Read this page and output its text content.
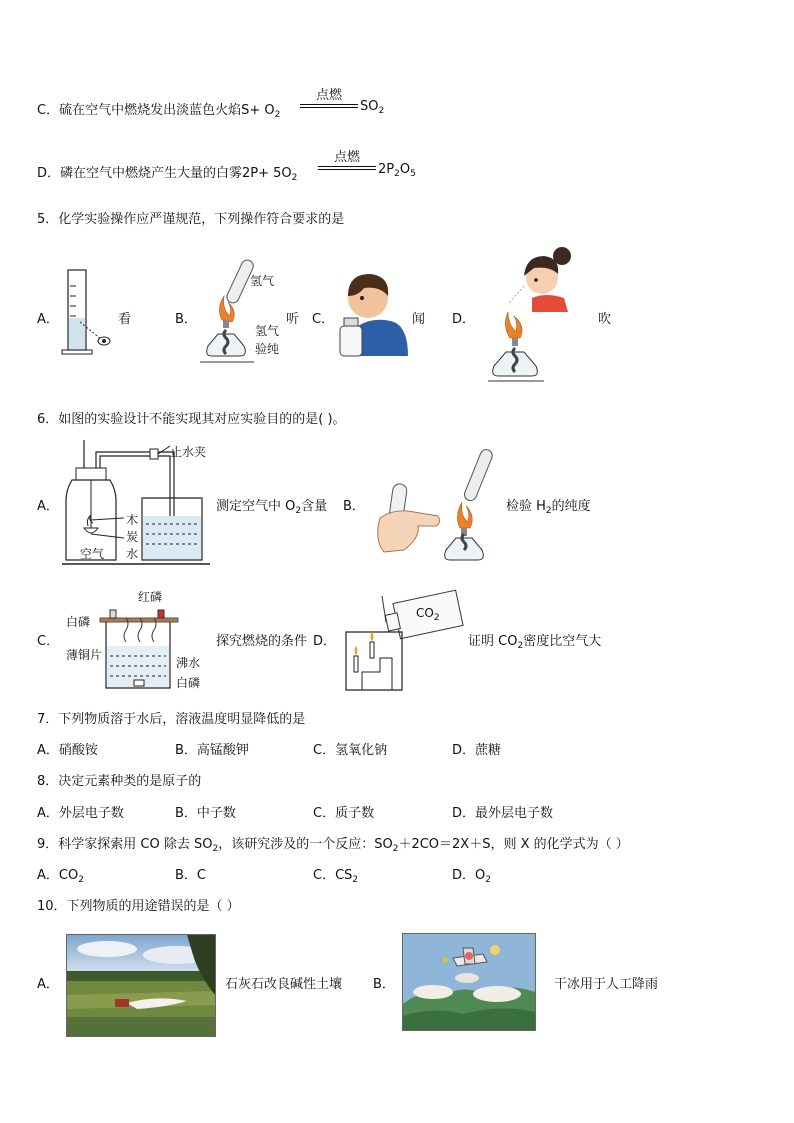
C．硫在空气中燃烧发出淡蓝色火焰$S+ O_2$
点燃
$SO_2$
D．磷在空气中燃烧产生大量的白雾$2P+ 5O_2$
点燃
$2P_2O_5$
5．化学实验操作应严谨规范，下列操作符合要求的是
A．	看	B．
氢气
氢气
验纯
听 C．	闻 D．	吹
6．如图的实验设计不能实现其对应实验目的的是( )。
A．
止水夹
木
炭
水
空气
测定空气中 $O_2$含量 B．	检验 $H_2$的纯度
C．
红磷
白磷
薄铜片
沸水
白磷
探究燃烧的条件 D．
$CO_2$
证明 $CO_2$密度比空气大
7．下列物质溶于水后，溶液温度明显降低的是
A．硝酸铵	B．高锰酸钾	C．氢氧化钠	D．蔗糖
8．决定元素种类的是原子的
A．外层电子数	B．中子数	C．质子数	D．最外层电子数
9．科学家探索用 CO 除去 $SO_2$，该研究涉及的一个反应：$SO_2+2CO=2X+S$，则 X 的化学式为（ ）
A．$CO_2$	B．C	C．$CS_2$	D．$O_2$
10．下列物质的用途错误的是（ ）
A．	石灰石改良碱性土壤 B．	干冰用于人工降雨
